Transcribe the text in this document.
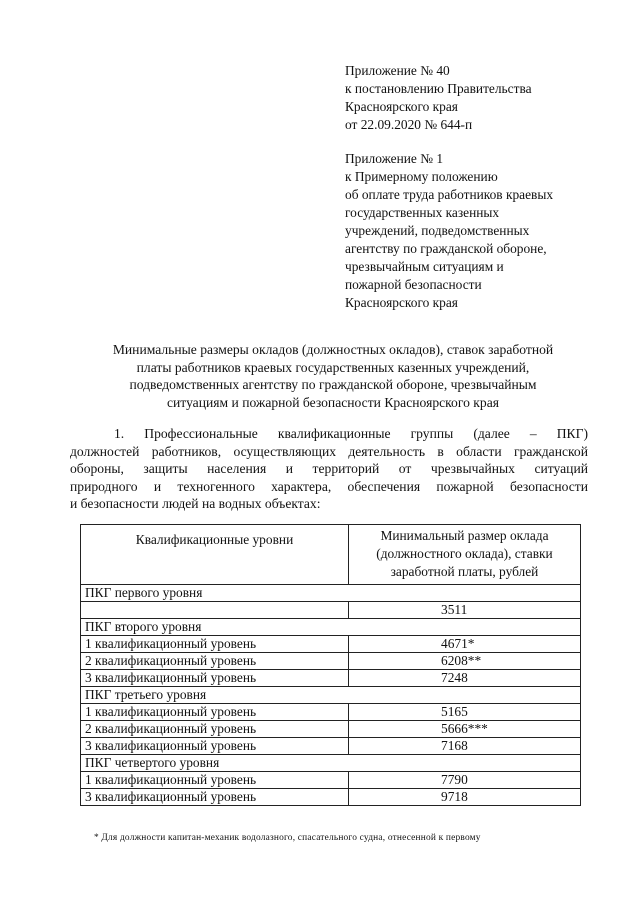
Приложение № 40
к постановлению Правительства
Красноярского края
от 22.09.2020 № 644-п
Приложение № 1
к Примерному положению
об оплате труда работников краевых
государственных казенных
учреждений, подведомственных
агентству по гражданской обороне,
чрезвычайным ситуациям и
пожарной безопасности
Красноярского края
Минимальные размеры окладов (должностных окладов), ставок заработной
платы работников краевых государственных казенных учреждений,
подведомственных агентству по гражданской обороне, чрезвычайным
ситуациям и пожарной безопасности Красноярского края
1. Профессиональные квалификационные группы (далее – ПКГ)
должностей работников, осуществляющих деятельность в области гражданской
обороны, защиты населения и территорий от чрезвычайных ситуаций
природного и техногенного характера, обеспечения пожарной безопасности
и безопасности людей на водных объектах:
Квалификационные уровни	Минимальный размер оклада
(должностного оклада), ставки
заработной платы, рублей

ПКГ первого уровня	
	3511
ПКГ второго уровня	
1 квалификационный уровень	4671*
2 квалификационный уровень	6208**
3 квалификационный уровень	7248
ПКГ третьего уровня	
1 квалификационный уровень	5165
2 квалификационный уровень	5666***
3 квалификационный уровень	7168
ПКГ четвертого уровня	
1 квалификационный уровень	7790
3 квалификационный уровень	9718
* Для должности капитан-механик водолазного, спасательного судна, отнесенной к первому
